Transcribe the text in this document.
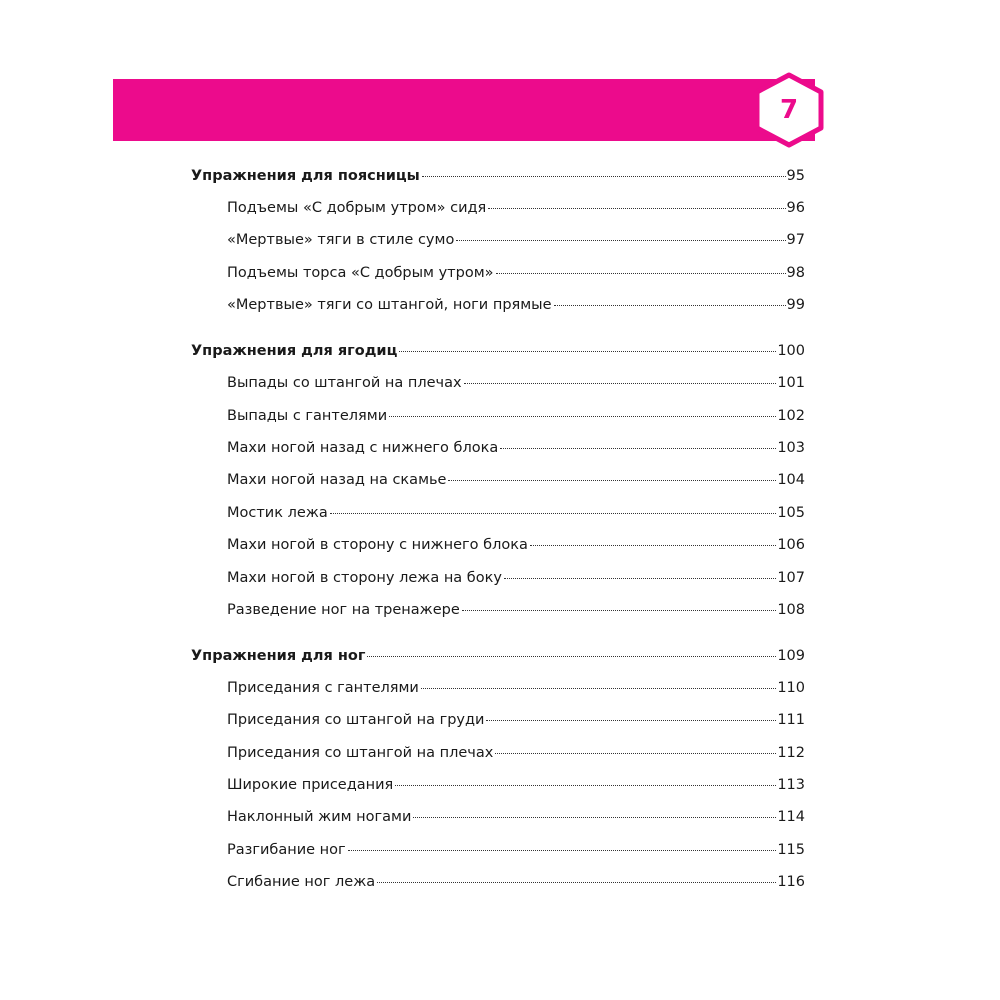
7
Упражнения для поясницы	95
Подъемы «С добрым утром» сидя	96
«Мертвые» тяги в стиле сумо	97
Подъемы торса «С добрым утром»	98
«Мертвые» тяги со штангой, ноги прямые	99
Упражнения для ягодиц	100
Выпады со штангой на плечах	101
Выпады с гантелями	102
Махи ногой назад с нижнего блока	103
Махи ногой назад на скамье	104
Мостик лежа	105
Махи ногой в сторону с нижнего блока	106
Махи ногой в сторону лежа на боку	107
Разведение ног на тренажере	108
Упражнения для ног	109
Приседания с гантелями	110
Приседания со штангой на груди	111
Приседания со штангой на плечах	112
Широкие приседания	113
Наклонный жим ногами	114
Разгибание ног	115
Сгибание ног лежа	116
